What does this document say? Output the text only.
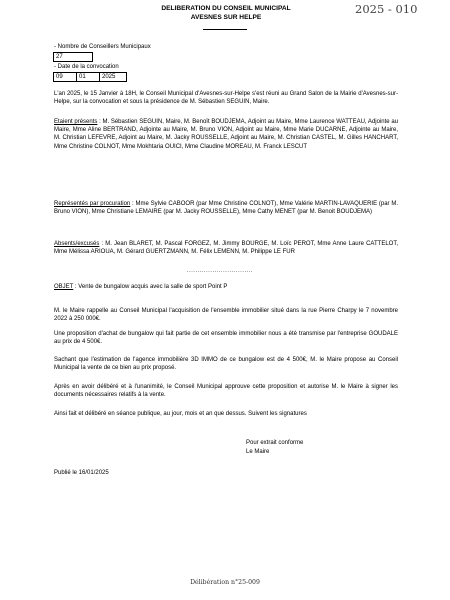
DELIBERATION DU CONSEIL MUNICIPAL
AVESNES SUR HELPE
2025 - 010
- Nombre de Conseillers Municipaux
27
- Date de la convocation
09	01	2025

L'an 2025, le 15 Janvier à 18H, le Conseil Municipal d'Avesnes-sur-Helpe s'est réuni au Grand Salon de la Mairie d'Avesnes-sur-Helpe, sur la convocation et sous la présidence de M. Sébastien SEGUIN, Maire.

Etaient présents : M. Sébastien SEGUIN, Maire, M. Benoît BOUDJEMA, Adjoint au Maire, Mme Laurence WATTEAU, Adjointe au Maire, Mme Aline BERTRAND, Adjointe au Maire, M. Bruno VION, Adjoint au Maire, Mme Marie DUCARNE, Adjointe au Maire, M. Christian LEFEVRE, Adjoint au Maire, M. Jacky ROUSSELLE, Adjoint au Maire, M. Christian CASTEL, M. Gilles HANCHART, Mme Christine COLNOT, Mme Mokhtaria OUICI, Mme Claudine MOREAU, M. Franck LESCUT

Représentés par procuration : Mme Sylvie CABOOR (par Mme Christine COLNOT), Mme Valérie MARTIN-LAVAQUERIE (par M. Bruno VION), Mme Christiane LEMAIRE (par M. Jacky ROUSSELLE), Mme Cathy MENET (par M. Benoit BOUDJEMA)

Absents/excusés : M. Jean BLARET, M. Pascal FORGEZ, M. Jimmy BOURGE, M. Loïc PEROT, Mme Anne Laure CATTELOT, Mme Mélissa ARIOUA, M. Gérard GUERTZMANN, M. Félix LEMENN, M. Philippe LE FUR

...............................

OBJET : Vente de bungalow acquis avec la salle de sport Point P

M. le Maire rappelle au Conseil Municipal l'acquisition de l'ensemble immobilier situé dans la rue Pierre Charpy le 7 novembre 2022 à 250 000€.

Une proposition d'achat de bungalow qui fait partie de cet ensemble immobilier nous a été transmise par l'entreprise GOUDALE au prix de 4 500€.

Sachant que l'estimation de l'agence immobilière 3D IMMO de ce bungalow est de 4 500€, M. le Maire propose au Conseil Municipal la vente de ce bien au prix proposé.

Après en avoir délibéré et à l'unanimité, le Conseil Municipal approuve cette proposition et autorise M. le Maire à signer les documents nécessaires relatifs à la vente.

Ainsi fait et délibéré en séance publique, au jour, mois et an que dessus. Suivent les signatures

Pour extrait conforme
Le Maire
Publié le 16/01/2025
Délibération n°25-009
